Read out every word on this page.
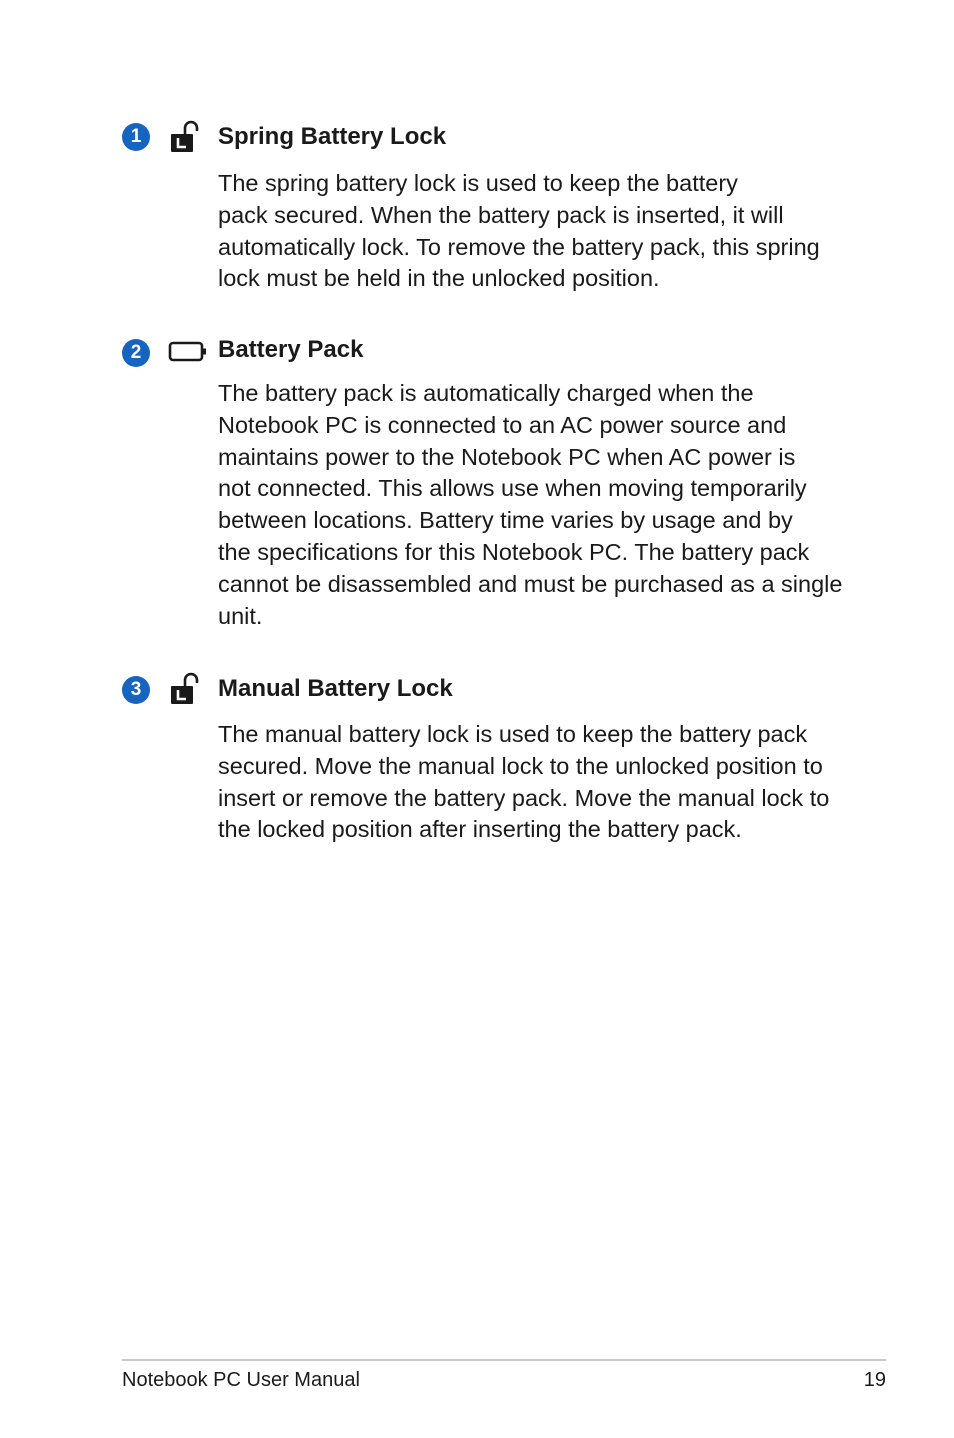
1	Spring Battery Lock
The spring battery lock is used to keep the battery
pack secured. When the battery pack is inserted, it will
automatically lock. To remove the battery pack, this spring
lock must be held in the unlocked position.
2	Battery Pack
The battery pack is automatically charged when the
Notebook PC is connected to an AC power source and
maintains power to the Notebook PC when AC power is
not connected. This allows use when moving temporarily
between locations. Battery time varies by usage and by
the specifications for this Notebook PC. The battery pack
cannot be disassembled and must be purchased as a single
unit.
3	Manual Battery Lock
The manual battery lock is used to keep the battery pack
secured. Move the manual lock to the unlocked position to
insert or remove the battery pack. Move the manual lock to
the locked position after inserting the battery pack.
Notebook PC User Manual	19
